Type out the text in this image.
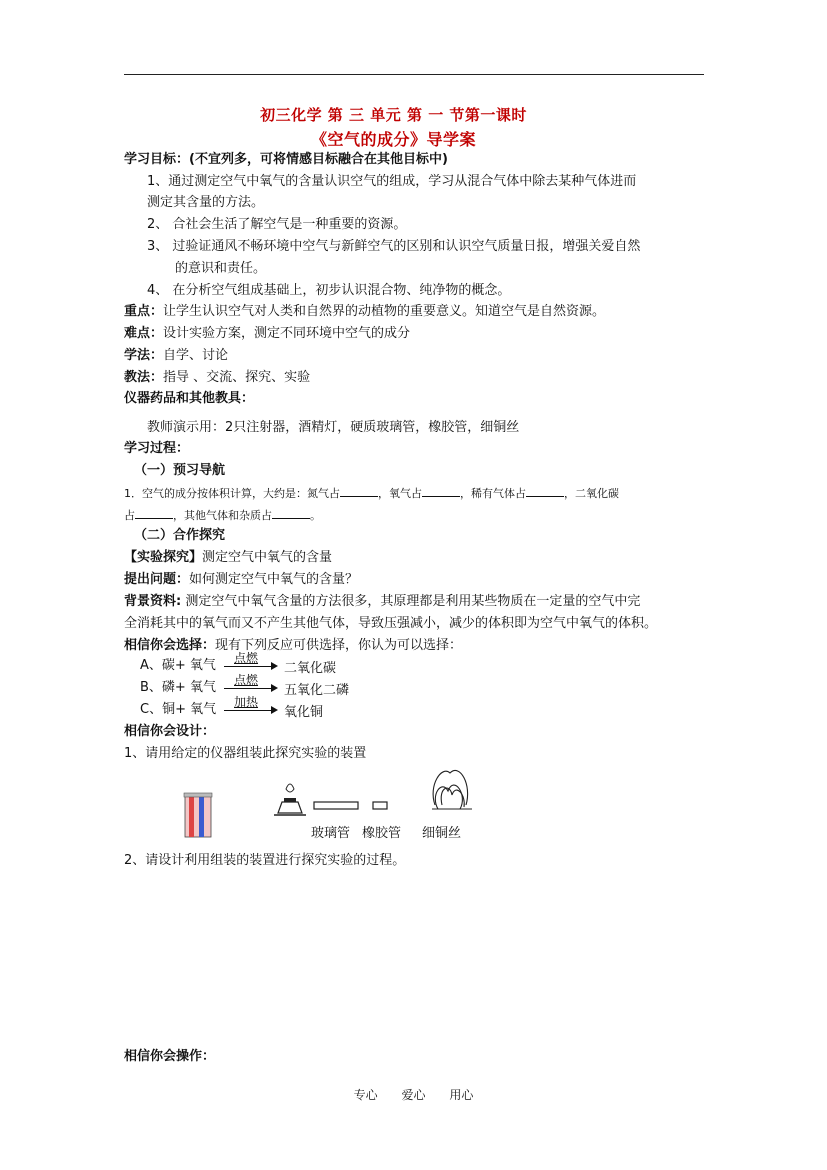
初三化学 第 三 单元 第 一 节第一课时
《空气的成分》导学案
学习目标：(不宜列多，可将情感目标融合在其他目标中)
1、通过测定空气中氧气的含量认识空气的组成，学习从混合气体中除去某种气体进而
测定其含量的方法。
2、 合社会生活了解空气是一种重要的资源。
3、 过验证通风不畅环境中空气与新鲜空气的区别和认识空气质量日报，增强关爱自然
的意识和责任。
4、 在分析空气组成基础上，初步认识混合物、纯净物的概念。
重点：让学生认识空气对人类和自然界的动植物的重要意义。知道空气是自然资源。
难点：设计实验方案，测定不同环境中空气的成分
学法：自学、讨论
教法：指导 、交流、探究、实验
仪器药品和其他教具：
教师演示用：2只注射器，酒精灯，硬质玻璃管，橡胶管，细铜丝
学习过程：
（一）预习导航
1．空气的成分按体积计算，大约是：氮气占	，氧气占	，稀有气体占	，二氧化碳
占	，其他气体和杂质占	。
（二）合作探究
【实验探究】测定空气中氧气的含量
提出问题：如何测定空气中氧气的含量？
背景资料: 测定空气中氧气含量的方法很多，其原理都是利用某些物质在一定量的空气中完
全消耗其中的氧气而又不产生其他气体，导致压强减小，减少的体积即为空气中氧气的体积。
相信你会选择：现有下列反应可供选择，你认为可以选择：
A、碳+ 氧气 点燃
二氧化碳
B、磷+ 氧气 点燃
五氧化二磷
C、铜+ 氧气 加热
氧化铜
相信你会设计：
1、请用给定的仪器组装此探究实验的装置
玻璃管 橡胶管 细铜丝
2、请设计利用组装的装置进行探究实验的过程。
相信你会操作：
专心 爱心 用心
